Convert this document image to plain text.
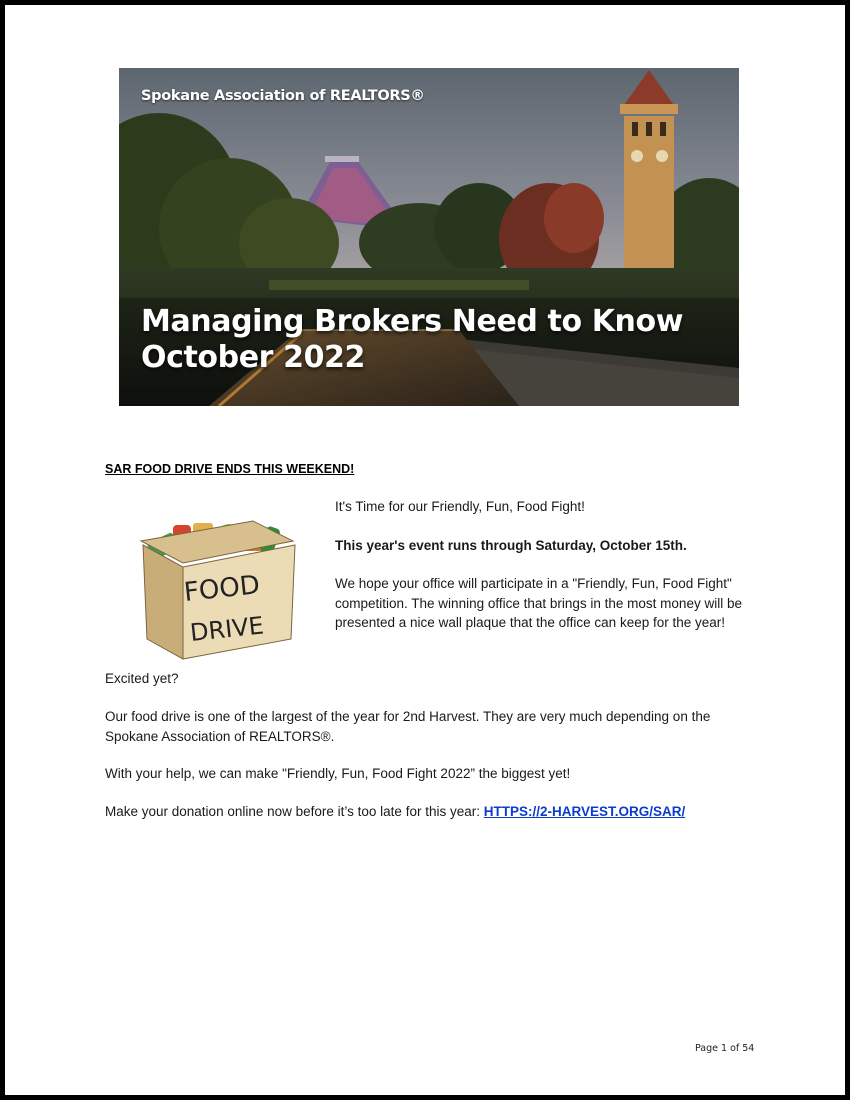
Spokane Association of REALTORS®
Managing Brokers Need to Know
October 2022
SAR FOOD DRIVE ENDS THIS WEEKEND!
FOOD
DRIVE

It's Time for our Friendly, Fun, Food Fight!

This year's event runs through Saturday, October 15th.

We hope your office will participate in a "Friendly, Fun, Food Fight" competition. The winning office that brings in the most money will be presented a nice wall plaque that the office can keep for the year!

Excited yet?

Our food drive is one of the largest of the year for 2nd Harvest. They are very much depending on the Spokane Association of REALTORS®.

With your help, we can make "Friendly, Fun, Food Fight 2022” the biggest yet!

Make your donation online now before it’s too late for this year: HTTPS://2-HARVEST.ORG/SAR/

Page 1 of 54
